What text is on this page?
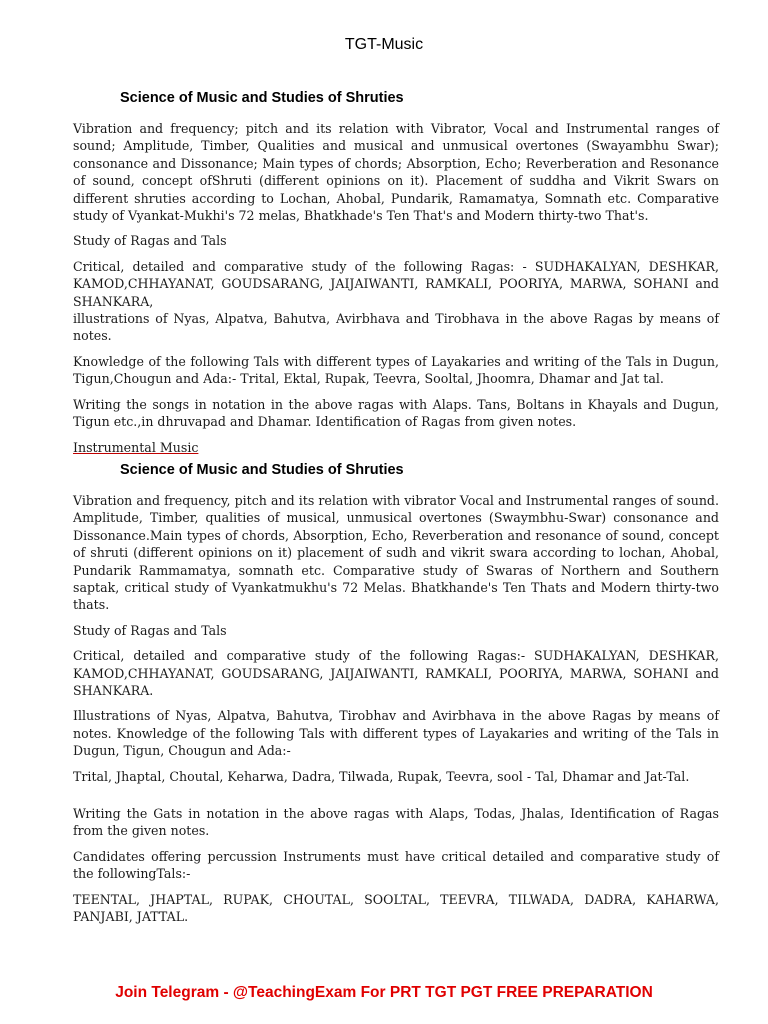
TGT-Music
Science of Music and Studies of Shruties

Vibration and frequency; pitch and its relation with Vibrator, Vocal and Instrumental ranges of sound; Amplitude, Timber, Qualities and musical and unmusical overtones (Swayambhu Swar); consonance and Dissonance; Main types of chords; Absorption, Echo; Reverberation and Resonance of sound, concept ofShruti (different opinions on it). Placement of suddha and Vikrit Swars on different shruties according to Lochan, Ahobal, Pundarik, Ramamatya, Somnath etc. Comparative study of Vyankat-Mukhi's 72 melas, Bhatkhade's Ten That's and Modern thirty-two That's.

Study of Ragas and Tals

Critical, detailed and comparative study of the following Ragas: - SUDHAKALYAN, DESHKAR, KAMOD,CHHAYANAT, GOUDSARANG, JAIJAIWANTI, RAMKALI, POORIYA, MARWA, SOHANI and SHANKARA,

illustrations of Nyas, Alpatva, Bahutva, Avirbhava and Tirobhava in the above Ragas by means of notes.

Knowledge of the following Tals with different types of Layakaries and writing of the Tals in Dugun, Tigun,Chougun and Ada:- Trital, Ektal, Rupak, Teevra, Sooltal, Jhoomra, Dhamar and Jat tal.

Writing the songs in notation in the above ragas with Alaps. Tans, Boltans in Khayals and Dugun, Tigun etc.,in dhruvapad and Dhamar. Identification of Ragas from given notes.

Instrumental Music
Science of Music and Studies of Shruties

Vibration and frequency, pitch and its relation with vibrator Vocal and Instrumental ranges of sound. Amplitude, Timber, qualities of musical, unmusical overtones (Swaymbhu-Swar) consonance and Dissonance.Main types of chords, Absorption, Echo, Reverberation and resonance of sound, concept of shruti (different opinions on it) placement of sudh and vikrit swara according to lochan, Ahobal, Pundarik Rammamatya, somnath etc. Comparative study of Swaras of Northern and Southern saptak, critical study of Vyankatmukhu's 72 Melas. Bhatkhande's Ten Thats and Modern thirty-two thats.

Study of Ragas and Tals

Critical, detailed and comparative study of the following Ragas:- SUDHAKALYAN, DESHKAR, KAMOD,CHHAYANAT, GOUDSARANG, JAIJAIWANTI, RAMKALI, POORIYA, MARWA, SOHANI and SHANKARA.

Illustrations of Nyas, Alpatva, Bahutva, Tirobhav and Avirbhava in the above Ragas by means of notes. Knowledge of the following Tals with different types of Layakaries and writing of the Tals in Dugun, Tigun, Chougun and Ada:-

Trital, Jhaptal, Choutal, Keharwa, Dadra, Tilwada, Rupak, Teevra, sool - Tal, Dhamar and Jat-Tal.

Writing the Gats in notation in the above ragas with Alaps, Todas, Jhalas, Identification of Ragas from the given notes.

Candidates offering percussion Instruments must have critical detailed and comparative study of the followingTals:-

TEENTAL, JHAPTAL, RUPAK, CHOUTAL, SOOLTAL, TEEVRA, TILWADA, DADRA, KAHARWA, PANJABI, JATTAL.

Join Telegram - @TeachingExam For PRT TGT PGT FREE PREPARATION
